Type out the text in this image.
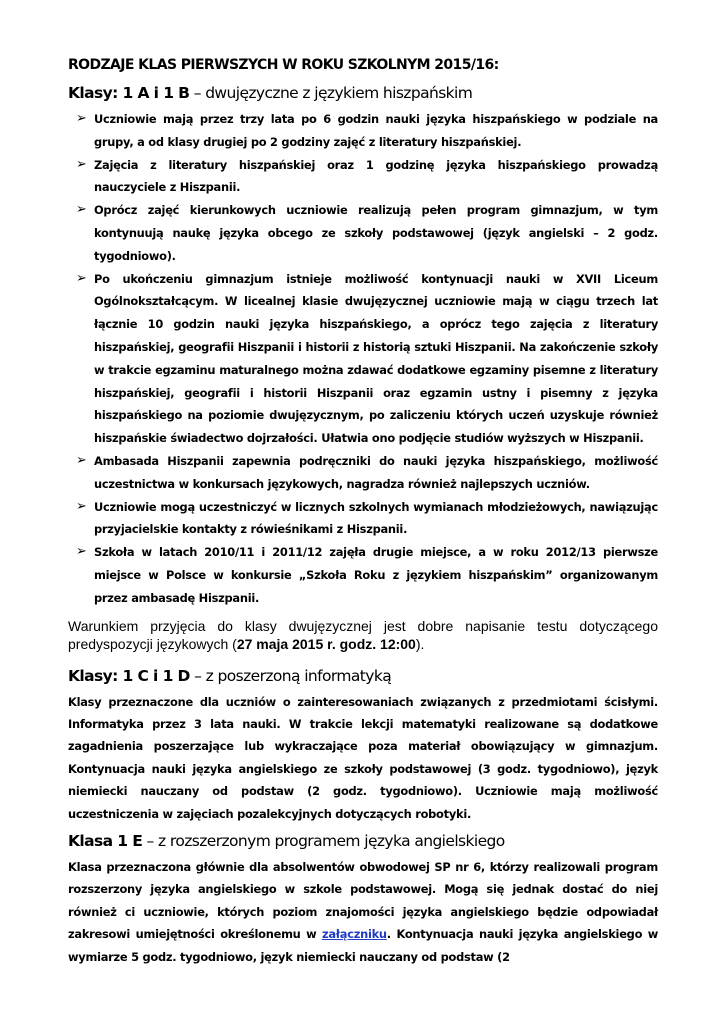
RODZAJE KLAS PIERWSZYCH W ROKU SZKOLNYM 2015/16:
Klasy: 1 A i 1 B – dwujęzyczne z językiem hiszpańskim
➢ Uczniowie mają przez trzy lata po 6 godzin nauki języka hiszpańskiego w podziale na grupy, a od klasy drugiej po 2 godziny zajęć z literatury hiszpańskiej.
➢ Zajęcia z literatury hiszpańskiej oraz 1 godzinę języka hiszpańskiego prowadzą nauczyciele z Hiszpanii.
➢ Oprócz zajęć kierunkowych uczniowie realizują pełen program gimnazjum, w tym kontynuują naukę języka obcego ze szkoły podstawowej (język angielski – 2 godz. tygodniowo).
➢ Po ukończeniu gimnazjum istnieje możliwość kontynuacji nauki w XVII Liceum Ogólnokształcącym. W licealnej klasie dwujęzycznej uczniowie mają w ciągu trzech lat łącznie 10 godzin nauki języka hiszpańskiego, a oprócz tego zajęcia z literatury hiszpańskiej, geografii Hiszpanii i historii z historią sztuki Hiszpanii. Na zakończenie szkoły w trakcie egzaminu maturalnego można zdawać dodatkowe egzaminy pisemne z literatury hiszpańskiej, geografii i historii Hiszpanii oraz egzamin ustny i pisemny z języka hiszpańskiego na poziomie dwujęzycznym, po zaliczeniu których uczeń uzyskuje również hiszpańskie świadectwo dojrzałości. Ułatwia ono podjęcie studiów wyższych w Hiszpanii.
➢ Ambasada Hiszpanii zapewnia podręczniki do nauki języka hiszpańskiego, możliwość uczestnictwa w konkursach językowych, nagradza również najlepszych uczniów.
➢ Uczniowie mogą uczestniczyć w licznych szkolnych wymianach młodzieżowych, nawiązując przyjacielskie kontakty z rówieśnikami z Hiszpanii.
➢ Szkoła w latach 2010/11 i 2011/12 zajęła drugie miejsce, a w roku 2012/13 pierwsze miejsce w Polsce w konkursie „Szkoła Roku z językiem hiszpańskim” organizowanym przez ambasadę Hiszpanii.

Warunkiem przyjęcia do klasy dwujęzycznej jest dobre napisanie testu dotyczącego predyspozycji językowych (27 maja 2015 r. godz. 12:00).

Klasy: 1 C i 1 D – z poszerzoną informatyką

Klasy przeznaczone dla uczniów o zainteresowaniach związanych z przedmiotami ścisłymi. Informatyka przez 3 lata nauki. W trakcie lekcji matematyki realizowane są dodatkowe zagadnienia poszerzające lub wykraczające poza materiał obowiązujący w gimnazjum. Kontynuacja nauki języka angielskiego ze szkoły podstawowej (3 godz. tygodniowo), język niemiecki nauczany od podstaw (2 godz. tygodniowo). Uczniowie mają możliwość uczestniczenia w zajęciach pozalekcyjnych dotyczących robotyki.

Klasa 1 E – z rozszerzonym programem języka angielskiego

Klasa przeznaczona głównie dla absolwentów obwodowej SP nr 6, którzy realizowali program rozszerzony języka angielskiego w szkole podstawowej. Mogą się jednak dostać do niej również ci uczniowie, których poziom znajomości języka angielskiego będzie odpowiadał zakresowi umiejętności określonemu w załączniku. Kontynuacja nauki języka angielskiego w wymiarze 5 godz. tygodniowo, język niemiecki nauczany od podstaw (2
